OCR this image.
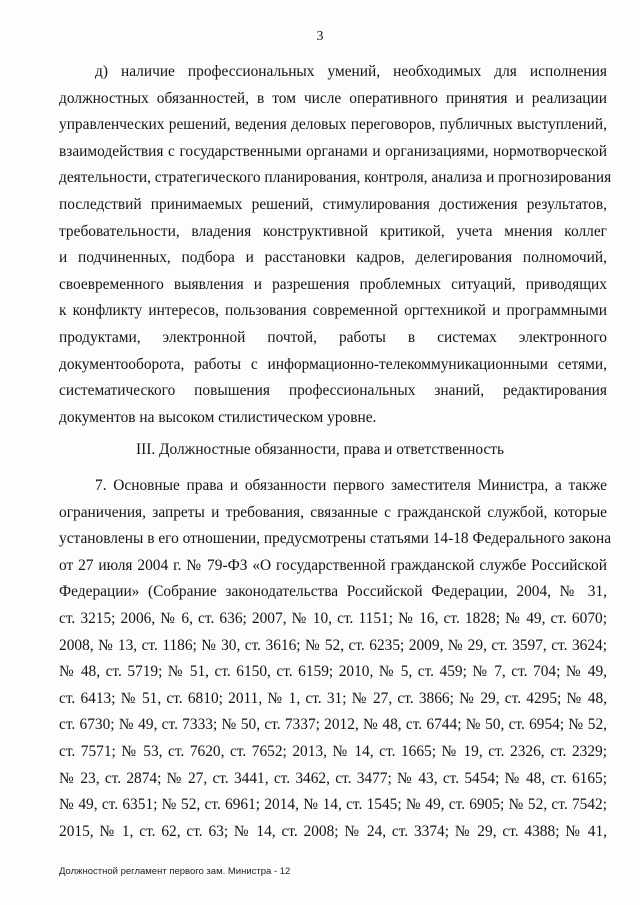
3
д) наличие профессиональных умений, необходимых для исполнения
должностных обязанностей, в том числе оперативного принятия и реализации
управленческих решений, ведения деловых переговоров, публичных выступлений,
взаимодействия с государственными органами и организациями, нормотворческой
деятельности, стратегического планирования, контроля, анализа и прогнозирования
последствий принимаемых решений, стимулирования достижения результатов,
требовательности, владения конструктивной критикой, учета мнения коллег
и подчиненных, подбора и расстановки кадров, делегирования полномочий,
своевременного выявления и разрешения проблемных ситуаций, приводящих
к конфликту интересов, пользования современной оргтехникой и программными
продуктами, электронной почтой, работы в системах электронного
документооборота, работы с информационно-телекоммуникационными сетями,
систематического повышения профессиональных знаний, редактирования
документов на высоком стилистическом уровне.
III. Должностные обязанности, права и ответственность
7. Основные права и обязанности первого заместителя Министра, а также
ограничения, запреты и требования, связанные с гражданской службой, которые
установлены в его отношении, предусмотрены статьями 14-18 Федерального закона
от 27 июля 2004 г. № 79-ФЗ «О государственной гражданской службе Российской
Федерации» (Собрание законодательства Российской Федерации, 2004, № 31,
ст. 3215; 2006, № 6, ст. 636; 2007, № 10, ст. 1151; № 16, ст. 1828; № 49, ст. 6070;
2008, № 13, ст. 1186; № 30, ст. 3616; № 52, ст. 6235; 2009, № 29, ст. 3597, ст. 3624;
№ 48, ст. 5719; № 51, ст. 6150, ст. 6159; 2010, № 5, ст. 459; № 7, ст. 704; № 49,
ст. 6413; № 51, ст. 6810; 2011, № 1, ст. 31; № 27, ст. 3866; № 29, ст. 4295; № 48,
ст. 6730; № 49, ст. 7333; № 50, ст. 7337; 2012, № 48, ст. 6744; № 50, ст. 6954; № 52,
ст. 7571; № 53, ст. 7620, ст. 7652; 2013, № 14, ст. 1665; № 19, ст. 2326, ст. 2329;
№ 23, ст. 2874; № 27, ст. 3441, ст. 3462, ст. 3477; № 43, ст. 5454; № 48, ст. 6165;
№ 49, ст. 6351; № 52, ст. 6961; 2014, № 14, ст. 1545; № 49, ст. 6905; № 52, ст. 7542;
2015, № 1, ст. 62, ст. 63; № 14, ст. 2008; № 24, ст. 3374; № 29, ст. 4388; № 41,
Должностной регламент первого зам. Министра - 12
